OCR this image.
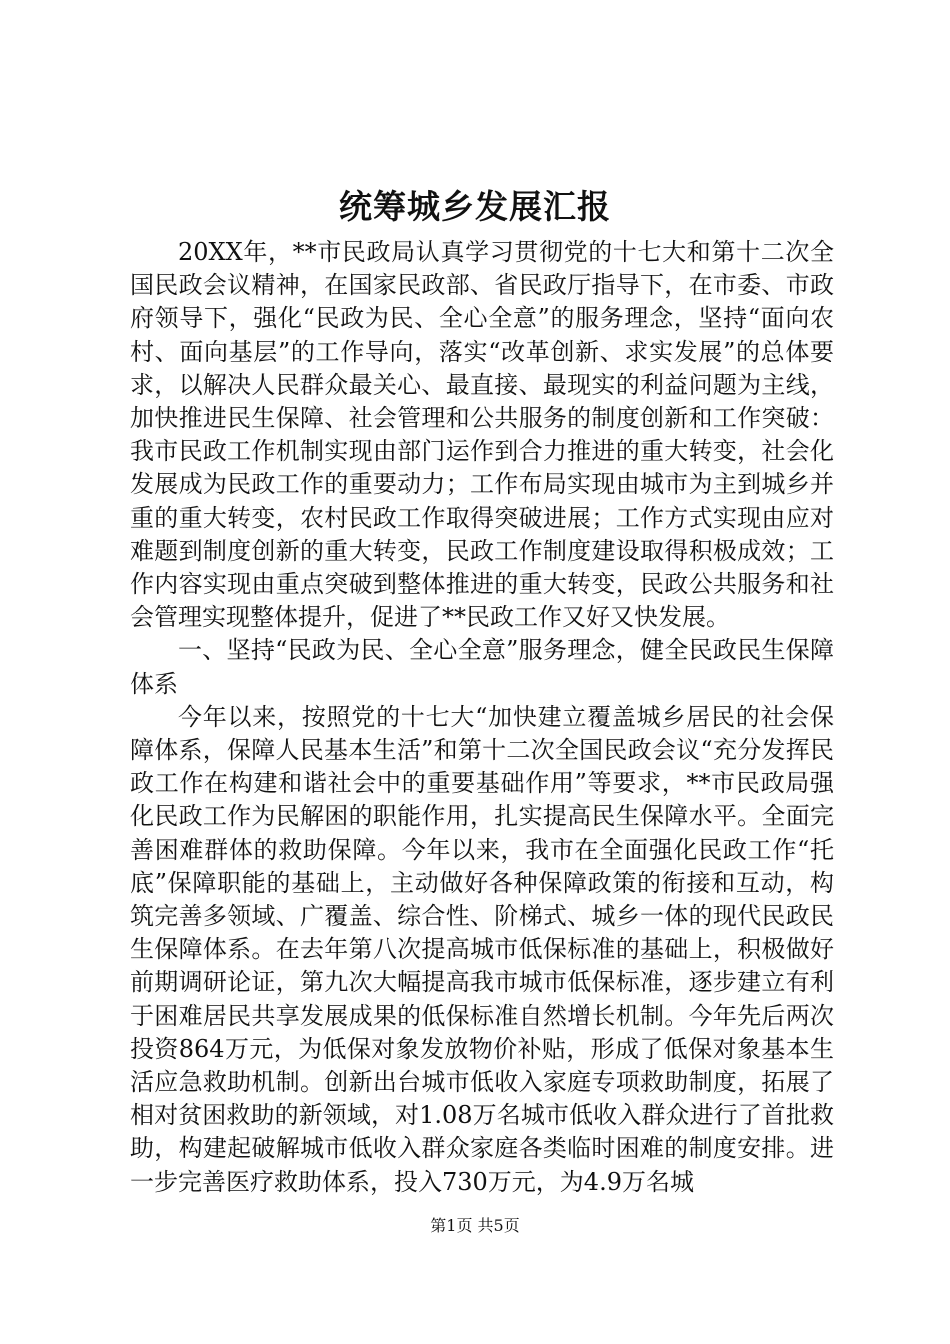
统筹城乡发展汇报

20XX年，**市民政局认真学习贯彻党的十七大和第十二次全国民政会议精神，在国家民政部、省民政厅指导下，在市委、市政府领导下，强化“民政为民、全心全意”的服务理念，坚持“面向农村、面向基层”的工作导向，落实“改革创新、求实发展”的总体要求，以解决人民群众最关心、最直接、最现实的利益问题为主线，加快推进民生保障、社会管理和公共服务的制度创新和工作突破：我市民政工作机制实现由部门运作到合力推进的重大转变，社会化发展成为民政工作的重要动力；工作布局实现由城市为主到城乡并重的重大转变，农村民政工作取得突破进展；工作方式实现由应对难题到制度创新的重大转变，民政工作制度建设取得积极成效；工作内容实现由重点突破到整体推进的重大转变，民政公共服务和社会管理实现整体提升，促进了**民政工作又好又快发展。

一、坚持“民政为民、全心全意”服务理念，健全民政民生保障体系

今年以来，按照党的十七大“加快建立覆盖城乡居民的社会保障体系，保障人民基本生活”和第十二次全国民政会议“充分发挥民政工作在构建和谐社会中的重要基础作用”等要求，**市民政局强化民政工作为民解困的职能作用，扎实提高民生保障水平。全面完善困难群体的救助保障。今年以来，我市在全面强化民政工作“托底”保障职能的基础上，主动做好各种保障政策的衔接和互动，构筑完善多领域、广覆盖、综合性、阶梯式、城乡一体的现代民政民生保障体系。在去年第八次提高城市低保标准的基础上，积极做好前期调研论证，第九次大幅提高我市城市低保标准，逐步建立有利于困难居民共享发展成果的低保标准自然增长机制。今年先后两次投资864万元，为低保对象发放物价补贴，形成了低保对象基本生活应急救助机制。创新出台城市低收入家庭专项救助制度，拓展了相对贫困救助的新领域，对1.08万名城市低收入群众进行了首批救助，构建起破解城市低收入群众家庭各类临时困难的制度安排。进一步完善医疗救助体系，投入730万元，为4.9万名城

第1页 共5页
